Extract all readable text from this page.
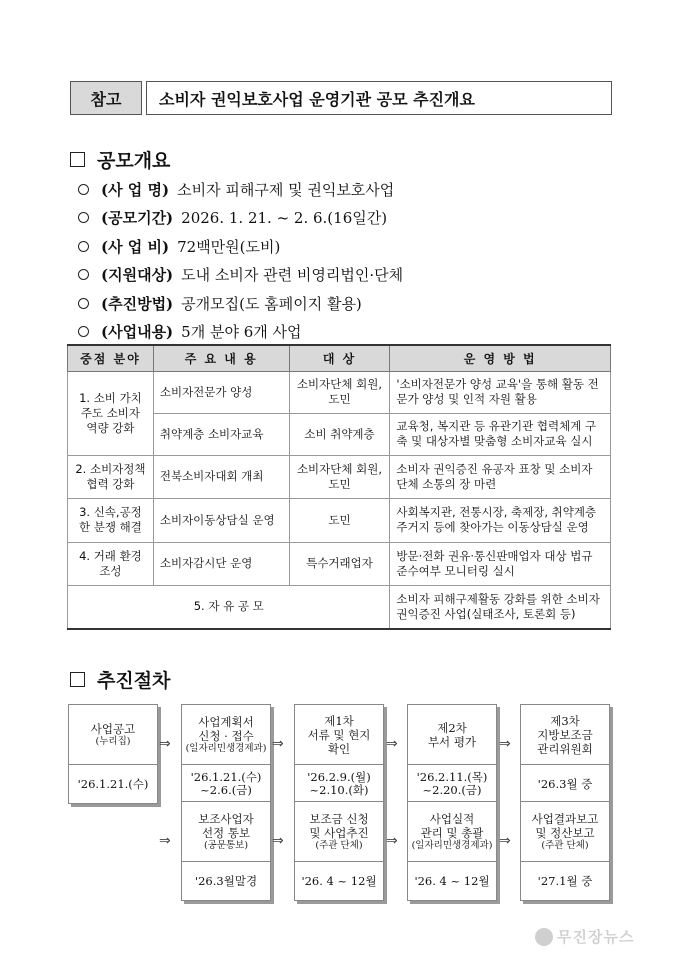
참고	소비자 권익보호사업 운영기관 공모 추진개요
공모개요
(사 업 명) 소비자 피해구제 및 권익보호사업
(공모기간) 2026. 1. 21. ~ 2. 6.(16일간)
(사 업 비) 72백만원(도비)
(지원대상) 도내 소비자 관련 비영리법인·단체
(추진방법) 공개모집(도 홈페이지 활용)
(사업내용) 5개 분야 6개 사업
중점 분야	주 요 내 용	대 상	운 영 방 법
1. 소비 가치 주도 소비자 역량 강화	소비자전문가 양성	소비자단체 회원, 도민	'소비자전문가 양성 교육'을 통해 활동 전문가 양성 및 인적 자원 활용
	취약계층 소비자교육	소비 취약계층	교육청, 복지관 등 유관기관 협력체계 구축 및 대상자별 맞춤형 소비자교육 실시
2. 소비자정책 협력 강화	전북소비자대회 개최	소비자단체 회원, 도민	소비자 권익증진 유공자 표창 및 소비자 단체 소통의 장 마련
3. 신속,공정한 분쟁 해결	소비자이동상담실 운영	도민	사회복지관, 전통시장, 축제장, 취약계층 주거지 등에 찾아가는 이동상담실 운영
4. 거래 환경 조성	소비자감시단 운영	특수거래업자	방문·전화 권유·통신판매업자 대상 법규 준수여부 모니터링 실시
5. 자 유 공 모			소비자 피해구제활동 강화를 위한 소비자 권익증진 사업(실태조사, 토론회 등)
추진절차
사업공고
(누리집)
'26.1.21.(수)
⇒
사업계획서
신청 · 접수
(일자리민생경제과)
'26.1.21.(수)
~2.6.(금)
⇒
제1차
서류 및 현지
확인
'26.2.9.(월)
~2.10.(화)
⇒
제2차
부서 평가
'26.2.11.(목)
~2.20.(금)
⇒
제3차
지방보조금
관리위원회
'26.3월 중
⇒
보조사업자
선정 통보
(공문통보)
'26.3월말경
⇒
보조금 신청
및 사업추진
(주관 단체)
'26. 4 ~ 12월
⇒
사업실적
관리 및 총괄
(일자리민생경제과)
'26. 4 ~ 12월
⇒
사업결과보고
및 정산보고
(주관 단체)
'27.1월 중
무진장뉴스
